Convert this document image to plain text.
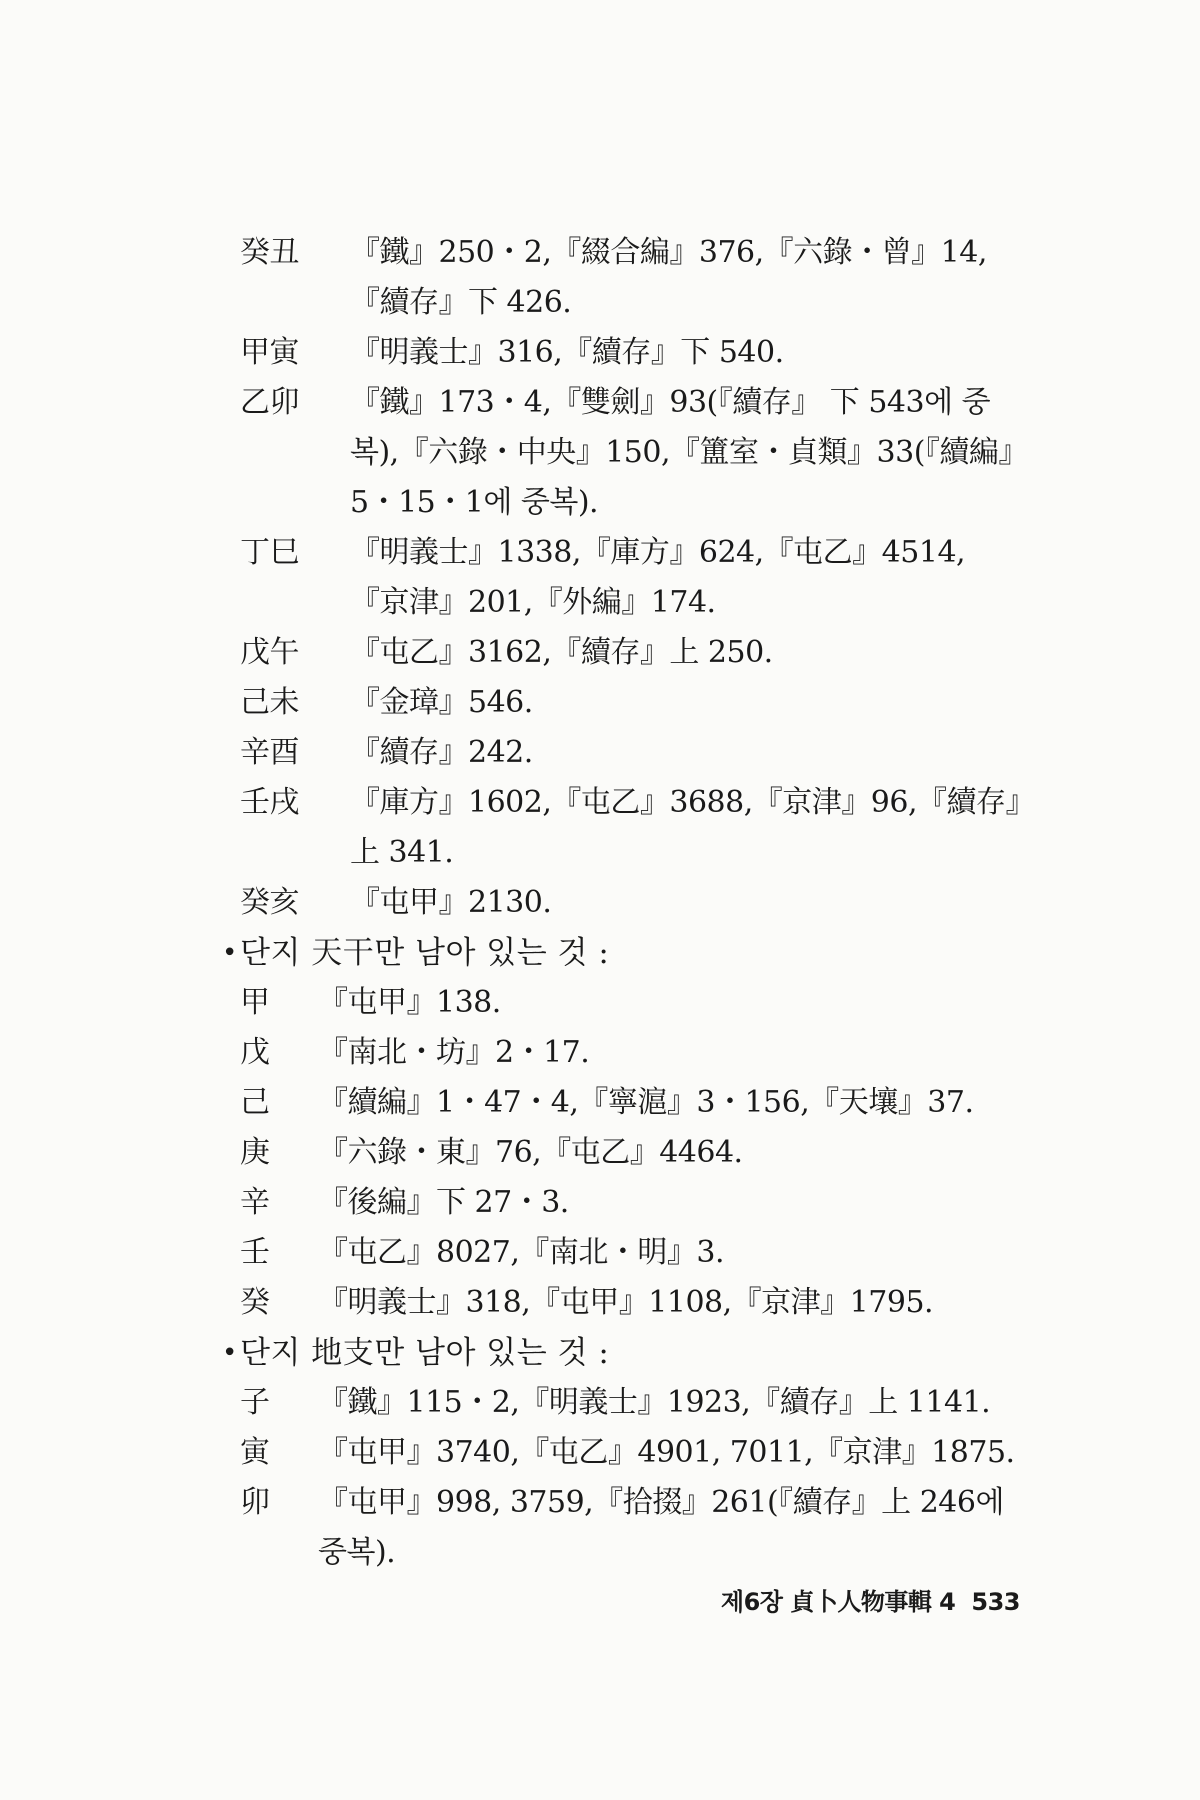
癸丑	『鐵』250・2,『綴合編』376,『六錄・曾』14,『續存』下 426.
甲寅	『明義士』316,『續存』下 540.
乙卯	『鐵』173・4,『雙劍』93(『續存』 下 543에 중복),『六錄・中央』150,『簠室・貞類』33(『續編』5・15・1에 중복).
丁巳	『明義士』1338,『庫方』624,『屯乙』4514,『京津』201,『外編』174.
戊午	『屯乙』3162,『續存』上 250.
己未	『金璋』546.
辛酉	『續存』242.
壬戌	『庫方』1602,『屯乙』3688,『京津』96,『續存』上 341.
癸亥	『屯甲』2130.
• 단지 天干만 남아 있는 것 :
甲	『屯甲』138.
戊	『南北・坊』2・17.
己	『續編』1・47・4,『寧滬』3・156,『天壤』37.
庚	『六錄・東』76,『屯乙』4464.
辛	『後編』下 27・3.
壬	『屯乙』8027,『南北・明』3.
癸	『明義士』318,『屯甲』1108,『京津』1795.
• 단지 地支만 남아 있는 것 :
子	『鐵』115・2,『明義士』1923,『續存』上 1141.
寅	『屯甲』3740,『屯乙』4901, 7011,『京津』1875.
卯	『屯甲』998, 3759,『拾掇』261(『續存』上 246에 중복).
제6장 貞卜人物事輯 4 533
